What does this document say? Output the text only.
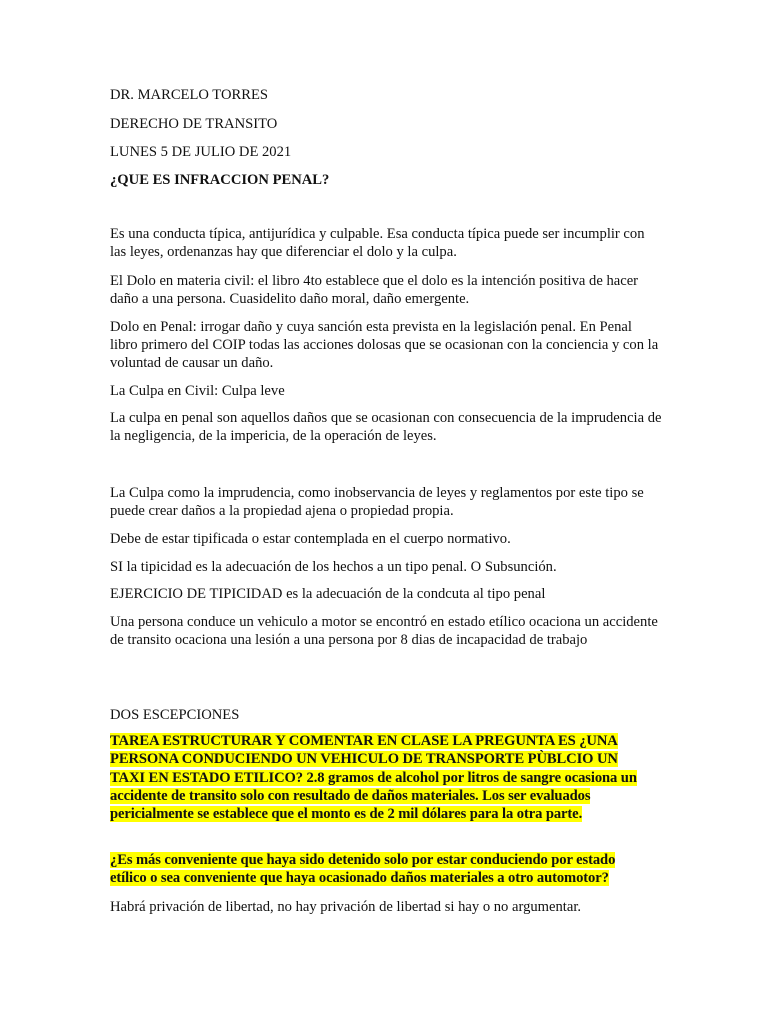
DR. MARCELO TORRES

DERECHO DE TRANSITO

LUNES 5 DE JULIO DE 2021

¿QUE ES INFRACCION PENAL?

Es una conducta típica, antijurídica y culpable. Esa conducta típica puede ser incumplir con las leyes, ordenanzas hay que diferenciar el dolo y la culpa.

El Dolo en materia civil: el libro 4to establece que el dolo es la intención positiva de hacer daño a una persona. Cuasidelito daño moral, daño emergente.

Dolo en Penal: irrogar daño y cuya sanción esta prevista en la legislación penal. En Penal libro primero del COIP todas las acciones dolosas que se ocasionan con la conciencia y con la voluntad de causar un daño.

La Culpa en Civil: Culpa leve

La culpa en penal son aquellos daños que se ocasionan con consecuencia de la imprudencia de la negligencia, de la impericia, de la operación de leyes.

La Culpa como la imprudencia, como inobservancia de leyes y reglamentos por este tipo se puede crear daños a la propiedad ajena o propiedad propia.

Debe de estar tipificada o estar contemplada en el cuerpo normativo.

SI la tipicidad es la adecuación de los hechos a un tipo penal. O Subsunción.

EJERCICIO DE TIPICIDAD es la adecuación de la condcuta al tipo penal

Una persona conduce un vehiculo a motor se encontró en estado etílico ocaciona un accidente de transito ocaciona una lesión a una persona por 8 dias de incapacidad de trabajo

DOS ESCEPCIONES

TAREA ESTRUCTURAR Y COMENTAR EN CLASE LA PREGUNTA ES ¿UNA PERSONA CONDUCIENDO UN VEHICULO DE TRANSPORTE PÙBLCIO UN TAXI EN ESTADO ETILICO? 2.8 gramos de alcohol por litros de sangre ocasiona un accidente de transito solo con resultado de daños materiales. Los ser evaluados pericialmente se establece que el monto es de 2 mil dólares para la otra parte.

¿Es más conveniente que haya sido detenido solo por estar conduciendo por estado etílico o sea conveniente que haya ocasionado daños materiales a otro automotor?

Habrá privación de libertad, no hay privación de libertad si hay o no argumentar.
